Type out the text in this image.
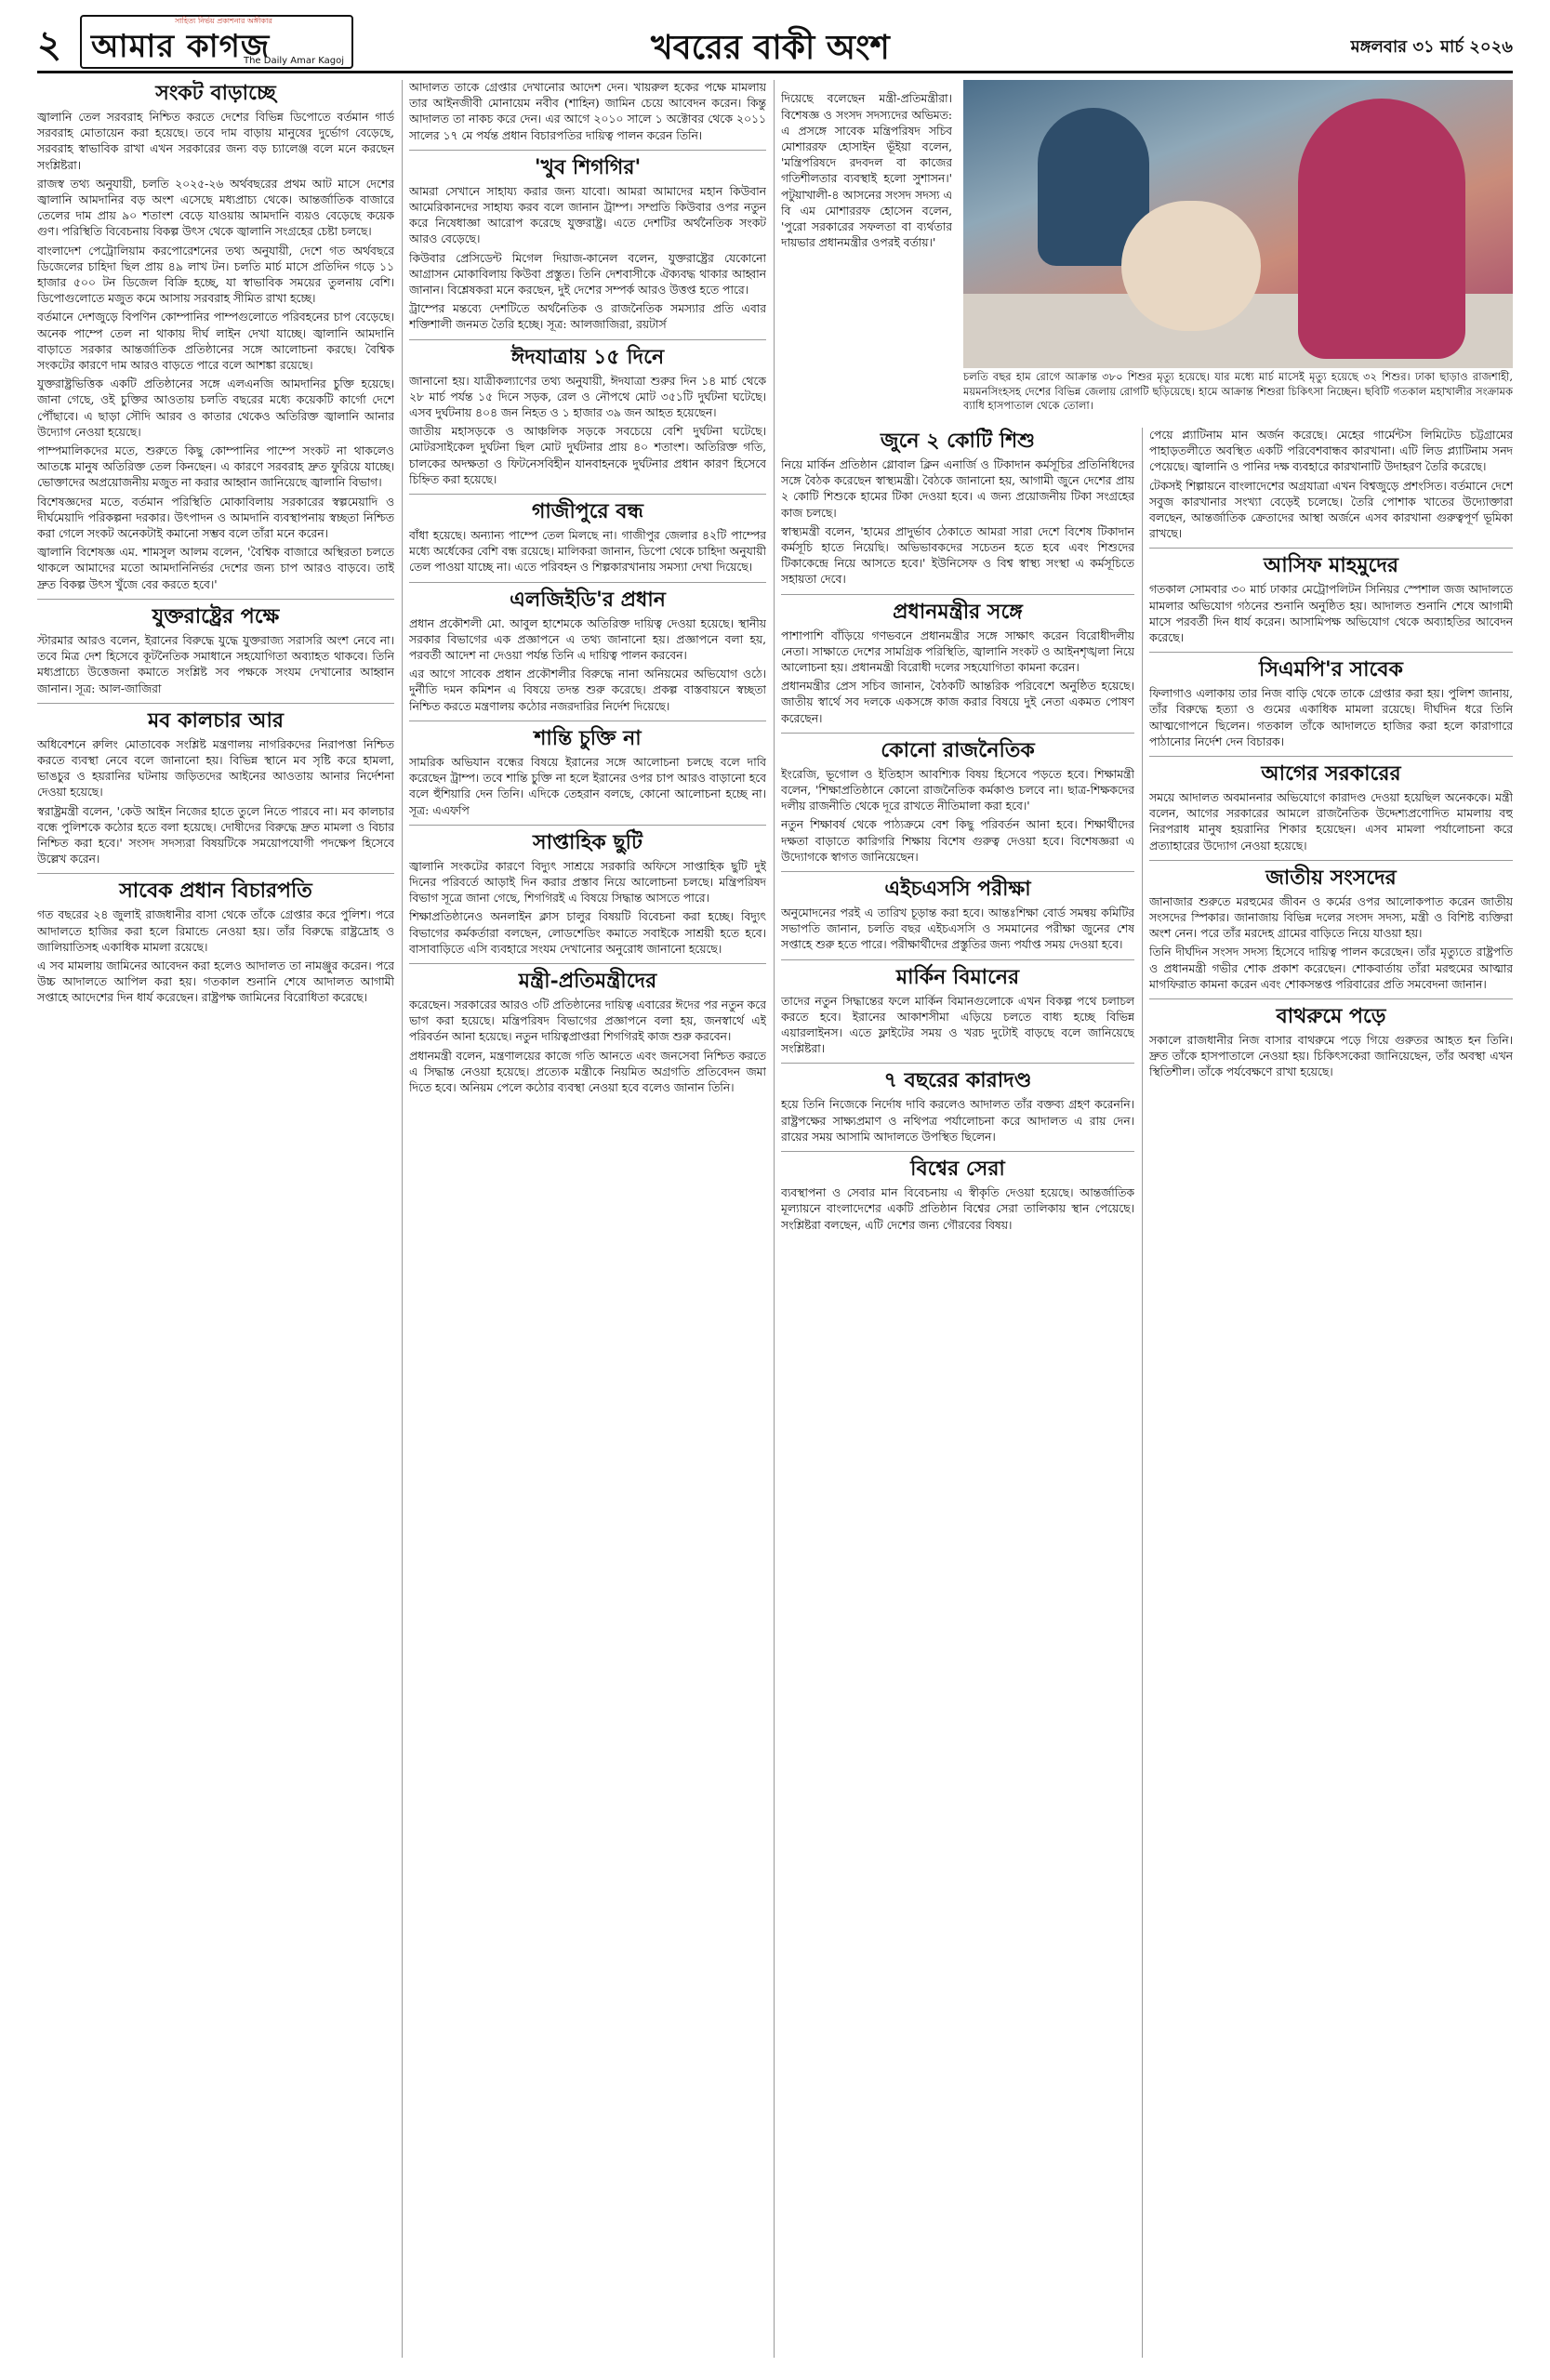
২
সাহিত্য নির্ভয় প্রকাশনার অঙ্গীকার
আমার কাগজ
The Daily Amar Kagoj	খবরের বাকী অংশ	মঙ্গলবার ৩১ মার্চ ২০২৬
সংকট বাড়াচ্ছে

জ্বালানি তেল সরবরাহ নিশ্চিত করতে দেশের বিভিন্ন ডিপোতে বর্তমান গার্ড সরবরাহ মোতায়েন করা হয়েছে। তবে দাম বাড়ায় মানুষের দুর্ভোগ বেড়েছে, সরবরাহ স্বাভাবিক রাখা এখন সরকারের জন্য বড় চ্যালেঞ্জ বলে মনে করছেন সংশ্লিষ্টরা।

রাজস্ব তথ্য অনুযায়ী, চলতি ২০২৫-২৬ অর্থবছরের প্রথম আট মাসে দেশের জ্বালানি আমদানির বড় অংশ এসেছে মধ্যপ্রাচ্য থেকে। আন্তর্জাতিক বাজারে তেলের দাম প্রায় ৯০ শতাংশ বেড়ে যাওয়ায় আমদানি ব্যয়ও বেড়েছে কয়েক গুণ। পরিস্থিতি বিবেচনায় বিকল্প উৎস থেকে জ্বালানি সংগ্রহের চেষ্টা চলছে।

বাংলাদেশ পেট্রোলিয়াম করপোরেশনের তথ্য অনুযায়ী, দেশে গত অর্থবছরে ডিজেলের চাহিদা ছিল প্রায় ৪৯ লাখ টন। চলতি মার্চ মাসে প্রতিদিন গড়ে ১১ হাজার ৫০০ টন ডিজেল বিক্রি হচ্ছে, যা স্বাভাবিক সময়ের তুলনায় বেশি। ডিপোগুলোতে মজুত কমে আসায় সরবরাহ সীমিত রাখা হচ্ছে।

বর্তমানে দেশজুড়ে বিপণিন কোম্পানির পাম্পগুলোতে পরিবহনের চাপ বেড়েছে। অনেক পাম্পে তেল না থাকায় দীর্ঘ লাইন দেখা যাচ্ছে। জ্বালানি আমদানি বাড়াতে সরকার আন্তর্জাতিক প্রতিষ্ঠানের সঙ্গে আলোচনা করছে। বৈশ্বিক সংকটের কারণে দাম আরও বাড়তে পারে বলে আশঙ্কা রয়েছে।

যুক্তরাষ্ট্রভিত্তিক একটি প্রতিষ্ঠানের সঙ্গে এলএনজি আমদানির চুক্তি হয়েছে। জানা গেছে, ওই চুক্তির আওতায় চলতি বছরের মধ্যে কয়েকটি কার্গো দেশে পৌঁছাবে। এ ছাড়া সৌদি আরব ও কাতার থেকেও অতিরিক্ত জ্বালানি আনার উদ্যোগ নেওয়া হয়েছে।

পাম্পমালিকদের মতে, শুরুতে কিছু কোম্পানির পাম্পে সংকট না থাকলেও আতঙ্কে মানুষ অতিরিক্ত তেল কিনছেন। এ কারণে সরবরাহ দ্রুত ফুরিয়ে যাচ্ছে। ভোক্তাদের অপ্রয়োজনীয় মজুত না করার আহ্বান জানিয়েছে জ্বালানি বিভাগ।

বিশেষজ্ঞদের মতে, বর্তমান পরিস্থিতি মোকাবিলায় সরকারের স্বল্পমেয়াদি ও দীর্ঘমেয়াদি পরিকল্পনা দরকার। উৎপাদন ও আমদানি ব্যবস্থাপনায় স্বচ্ছতা নিশ্চিত করা গেলে সংকট অনেকটাই কমানো সম্ভব বলে তাঁরা মনে করেন।

জ্বালানি বিশেষজ্ঞ এম. শামসুল আলম বলেন, 'বৈশ্বিক বাজারে অস্থিরতা চলতে থাকলে আমাদের মতো আমদানিনির্ভর দেশের জন্য চাপ আরও বাড়বে। তাই দ্রুত বিকল্প উৎস খুঁজে বের করতে হবে।'

যুক্তরাষ্ট্রের পক্ষে

স্টারমার আরও বলেন, ইরানের বিরুদ্ধে যুদ্ধে যুক্তরাজ্য সরাসরি অংশ নেবে না। তবে মিত্র দেশ হিসেবে কূটনৈতিক সমাধানে সহযোগিতা অব্যাহত থাকবে। তিনি মধ্যপ্রাচ্যে উত্তেজনা কমাতে সংশ্লিষ্ট সব পক্ষকে সংযম দেখানোর আহ্বান জানান। সূত্র: আল-জাজিরা

মব কালচার আর

অধিবেশনে রুলিং মোতাবেক সংশ্লিষ্ট মন্ত্রণালয় নাগরিকদের নিরাপত্তা নিশ্চিত করতে ব্যবস্থা নেবে বলে জানানো হয়। বিভিন্ন স্থানে মব সৃষ্টি করে হামলা, ভাঙচুর ও হয়রানির ঘটনায় জড়িতদের আইনের আওতায় আনার নির্দেশনা দেওয়া হয়েছে।

স্বরাষ্ট্রমন্ত্রী বলেন, 'কেউ আইন নিজের হাতে তুলে নিতে পারবে না। মব কালচার বন্ধে পুলিশকে কঠোর হতে বলা হয়েছে। দোষীদের বিরুদ্ধে দ্রুত মামলা ও বিচার নিশ্চিত করা হবে।' সংসদ সদস্যরা বিষয়টিকে সময়োপযোগী পদক্ষেপ হিসেবে উল্লেখ করেন।

সাবেক প্রধান বিচারপতি

গত বছরের ২৪ জুলাই রাজধানীর বাসা থেকে তাঁকে গ্রেপ্তার করে পুলিশ। পরে আদালতে হাজির করা হলে রিমান্ডে নেওয়া হয়। তাঁর বিরুদ্ধে রাষ্ট্রদ্রোহ ও জালিয়াতিসহ একাধিক মামলা রয়েছে।

এ সব মামলায় জামিনের আবেদন করা হলেও আদালত তা নামঞ্জুর করেন। পরে উচ্চ আদালতে আপিল করা হয়। গতকাল শুনানি শেষে আদালত আগামী সপ্তাহে আদেশের দিন ধার্য করেছেন। রাষ্ট্রপক্ষ জামিনের বিরোধিতা করেছে।

আদালত তাকে গ্রেপ্তার দেখানোর আদেশ দেন। খায়রুল হকের পক্ষে মামলায় তার আইনজীবী মোনায়েম নবীব (শাহিন) জামিন চেয়ে আবেদন করেন। কিন্তু আদালত তা নাকচ করে দেন। এর আগে ২০১০ সালে ১ অক্টোবর থেকে ২০১১ সালের ১৭ মে পর্যন্ত প্রধান বিচারপতির দায়িত্ব পালন করেন তিনি।

'খুব শিগগির'

আমরা সেখানে সাহায্য করার জন্য যাবো। আমরা আমাদের মহান কিউবান আমেরিকানদের সাহায্য করব বলে জানান ট্রাম্প। সম্প্রতি কিউবার ওপর নতুন করে নিষেধাজ্ঞা আরোপ করেছে যুক্তরাষ্ট্র। এতে দেশটির অর্থনৈতিক সংকট আরও বেড়েছে।

কিউবার প্রেসিডেন্ট মিগেল দিয়াজ-কানেল বলেন, যুক্তরাষ্ট্রের যেকোনো আগ্রাসন মোকাবিলায় কিউবা প্রস্তুত। তিনি দেশবাসীকে ঐক্যবদ্ধ থাকার আহ্বান জানান। বিশ্লেষকরা মনে করছেন, দুই দেশের সম্পর্ক আরও উত্তপ্ত হতে পারে।

ট্রাম্পের মন্তব্যে দেশটিতে অর্থনৈতিক ও রাজনৈতিক সমস্যার প্রতি এবার শক্তিশালী জনমত তৈরি হচ্ছে। সূত্র: আলজাজিরা, রয়টার্স

ঈদযাত্রায় ১৫ দিনে

জানানো হয়। যাত্রীকল্যাণের তথ্য অনুযায়ী, ঈদযাত্রা শুরুর দিন ১৪ মার্চ থেকে ২৮ মার্চ পর্যন্ত ১৫ দিনে সড়ক, রেল ও নৌপথে মোট ৩৫১টি দুর্ঘটনা ঘটেছে। এসব দুর্ঘটনায় ৪০৪ জন নিহত ও ১ হাজার ৩৯ জন আহত হয়েছেন।

জাতীয় মহাসড়কে ও আঞ্চলিক সড়কে সবচেয়ে বেশি দুর্ঘটনা ঘটেছে। মোটরসাইকেল দুর্ঘটনা ছিল মোট দুর্ঘটনার প্রায় ৪০ শতাংশ। অতিরিক্ত গতি, চালকের অদক্ষতা ও ফিটনেসবিহীন যানবাহনকে দুর্ঘটনার প্রধান কারণ হিসেবে চিহ্নিত করা হয়েছে।

গাজীপুরে বন্ধ

বাঁধা হয়েছে। অন্যান্য পাম্পে তেল মিলছে না। গাজীপুর জেলার ৪২টি পাম্পের মধ্যে অর্ধেকের বেশি বন্ধ রয়েছে। মালিকরা জানান, ডিপো থেকে চাহিদা অনুযায়ী তেল পাওয়া যাচ্ছে না। এতে পরিবহন ও শিল্পকারখানায় সমস্যা দেখা দিয়েছে।

এলজিইডি'র প্রধান

প্রধান প্রকৌশলী মো. আবুল হাশেমকে অতিরিক্ত দায়িত্ব দেওয়া হয়েছে। স্থানীয় সরকার বিভাগের এক প্রজ্ঞাপনে এ তথ্য জানানো হয়। প্রজ্ঞাপনে বলা হয়, পরবর্তী আদেশ না দেওয়া পর্যন্ত তিনি এ দায়িত্ব পালন করবেন।

এর আগে সাবেক প্রধান প্রকৌশলীর বিরুদ্ধে নানা অনিয়মের অভিযোগ ওঠে। দুর্নীতি দমন কমিশন এ বিষয়ে তদন্ত শুরু করেছে। প্রকল্প বাস্তবায়নে স্বচ্ছতা নিশ্চিত করতে মন্ত্রণালয় কঠোর নজরদারির নির্দেশ দিয়েছে।

শান্তি চুক্তি না

সামরিক অভিযান বন্ধের বিষয়ে ইরানের সঙ্গে আলোচনা চলছে বলে দাবি করেছেন ট্রাম্প। তবে শান্তি চুক্তি না হলে ইরানের ওপর চাপ আরও বাড়ানো হবে বলে হুঁশিয়ারি দেন তিনি। এদিকে তেহরান বলছে, কোনো আলোচনা হচ্ছে না। সূত্র: এএফপি

সাপ্তাহিক ছুটি

জ্বালানি সংকটের কারণে বিদ্যুৎ সাশ্রয়ে সরকারি অফিসে সাপ্তাহিক ছুটি দুই দিনের পরিবর্তে আড়াই দিন করার প্রস্তাব নিয়ে আলোচনা চলছে। মন্ত্রিপরিষদ বিভাগ সূত্রে জানা গেছে, শিগগিরই এ বিষয়ে সিদ্ধান্ত আসতে পারে।

শিক্ষাপ্রতিষ্ঠানেও অনলাইন ক্লাস চালুর বিষয়টি বিবেচনা করা হচ্ছে। বিদ্যুৎ বিভাগের কর্মকর্তারা বলছেন, লোডশেডিং কমাতে সবাইকে সাশ্রয়ী হতে হবে। বাসাবাড়িতে এসি ব্যবহারে সংযম দেখানোর অনুরোধ জানানো হয়েছে।

মন্ত্রী-প্রতিমন্ত্রীদের

করেছেন। সরকারের আরও ৩টি প্রতিষ্ঠানের দায়িত্ব এবারের ঈদের পর নতুন করে ভাগ করা হয়েছে। মন্ত্রিপরিষদ বিভাগের প্রজ্ঞাপনে বলা হয়, জনস্বার্থে এই পরিবর্তন আনা হয়েছে। নতুন দায়িত্বপ্রাপ্তরা শিগগিরই কাজ শুরু করবেন।

প্রধানমন্ত্রী বলেন, মন্ত্রণালয়ের কাজে গতি আনতে এবং জনসেবা নিশ্চিত করতে এ সিদ্ধান্ত নেওয়া হয়েছে। প্রত্যেক মন্ত্রীকে নিয়মিত অগ্রগতি প্রতিবেদন জমা দিতে হবে। অনিয়ম পেলে কঠোর ব্যবস্থা নেওয়া হবে বলেও জানান তিনি।

দিয়েছে বলেছেন মন্ত্রী-প্রতিমন্ত্রীরা। বিশেষজ্ঞ ও সংসদ সদস্যদের অভিমত: এ প্রসঙ্গে সাবেক মন্ত্রিপরিষদ সচিব মোশাররফ হোসাইন ভূঁইয়া বলেন, 'মন্ত্রিপরিষদে রদবদল বা কাজের গতিশীলতার ব্যবস্থাই হলো সুশাসন।' পটুয়াখালী-৪ আসনের সংসদ সদস্য এ বি এম মোশাররফ হোসেন বলেন, 'পুরো সরকারের সফলতা বা ব্যর্থতার দায়ভার প্রধানমন্ত্রীর ওপরই বর্তায়।'

চলতি বছর হাম রোগে আক্রান্ত ৩৮০ শিশুর মৃত্যু হয়েছে। যার মধ্যে মার্চ মাসেই মৃত্যু হয়েছে ৩২ শিশুর। ঢাকা ছাড়াও রাজশাহী, ময়মনসিংহসহ দেশের বিভিন্ন জেলায় রোগটি ছড়িয়েছে। হামে আক্রান্ত শিশুরা চিকিৎসা নিচ্ছেন। ছবিটি গতকাল মহাখালীর সংক্রামক ব্যাধি হাসপাতাল থেকে তোলা।
জুনে ২ কোটি শিশু

নিয়ে মার্কিন প্রতিষ্ঠান গ্লোবাল ক্লিন এনার্জি ও টিকাদান কর্মসূচির প্রতিনিধিদের সঙ্গে বৈঠক করেছেন স্বাস্থ্যমন্ত্রী। বৈঠকে জানানো হয়, আগামী জুনে দেশের প্রায় ২ কোটি শিশুকে হামের টিকা দেওয়া হবে। এ জন্য প্রয়োজনীয় টিকা সংগ্রহের কাজ চলছে।

স্বাস্থ্যমন্ত্রী বলেন, 'হামের প্রাদুর্ভাব ঠেকাতে আমরা সারা দেশে বিশেষ টিকাদান কর্মসূচি হাতে নিয়েছি। অভিভাবকদের সচেতন হতে হবে এবং শিশুদের টিকাকেন্দ্রে নিয়ে আসতে হবে।' ইউনিসেফ ও বিশ্ব স্বাস্থ্য সংস্থা এ কর্মসূচিতে সহায়তা দেবে।

প্রধানমন্ত্রীর সঙ্গে

পাশাপাশি বাঁড়িয়ে গণভবনে প্রধানমন্ত্রীর সঙ্গে সাক্ষাৎ করেন বিরোধীদলীয় নেতা। সাক্ষাতে দেশের সামগ্রিক পরিস্থিতি, জ্বালানি সংকট ও আইনশৃঙ্খলা নিয়ে আলোচনা হয়। প্রধানমন্ত্রী বিরোধী দলের সহযোগিতা কামনা করেন।

প্রধানমন্ত্রীর প্রেস সচিব জানান, বৈঠকটি আন্তরিক পরিবেশে অনুষ্ঠিত হয়েছে। জাতীয় স্বার্থে সব দলকে একসঙ্গে কাজ করার বিষয়ে দুই নেতা একমত পোষণ করেছেন।

কোনো রাজনৈতিক

ইংরেজি, ভূগোল ও ইতিহাস আবশ্যিক বিষয় হিসেবে পড়তে হবে। শিক্ষামন্ত্রী বলেন, 'শিক্ষাপ্রতিষ্ঠানে কোনো রাজনৈতিক কর্মকাণ্ড চলবে না। ছাত্র-শিক্ষকদের দলীয় রাজনীতি থেকে দূরে রাখতে নীতিমালা করা হবে।'

নতুন শিক্ষাবর্ষ থেকে পাঠ্যক্রমে বেশ কিছু পরিবর্তন আনা হবে। শিক্ষার্থীদের দক্ষতা বাড়াতে কারিগরি শিক্ষায় বিশেষ গুরুত্ব দেওয়া হবে। বিশেষজ্ঞরা এ উদ্যোগকে স্বাগত জানিয়েছেন।

এইচএসসি পরীক্ষা

অনুমোদনের পরই এ তারিখ চূড়ান্ত করা হবে। আন্তঃশিক্ষা বোর্ড সমন্বয় কমিটির সভাপতি জানান, চলতি বছর এইচএসসি ও সমমানের পরীক্ষা জুনের শেষ সপ্তাহে শুরু হতে পারে। পরীক্ষার্থীদের প্রস্তুতির জন্য পর্যাপ্ত সময় দেওয়া হবে।

মার্কিন বিমানের

তাদের নতুন সিদ্ধান্তের ফলে মার্কিন বিমানগুলোকে এখন বিকল্প পথে চলাচল করতে হবে। ইরানের আকাশসীমা এড়িয়ে চলতে বাধ্য হচ্ছে বিভিন্ন এয়ারলাইনস। এতে ফ্লাইটের সময় ও খরচ দুটোই বাড়ছে বলে জানিয়েছে সংশ্লিষ্টরা।

৭ বছরের কারাদণ্ড

হয়ে তিনি নিজেকে নির্দোষ দাবি করলেও আদালত তাঁর বক্তব্য গ্রহণ করেননি। রাষ্ট্রপক্ষের সাক্ষ্যপ্রমাণ ও নথিপত্র পর্যালোচনা করে আদালত এ রায় দেন। রায়ের সময় আসামি আদালতে উপস্থিত ছিলেন।

বিশ্বের সেরা

ব্যবস্থাপনা ও সেবার মান বিবেচনায় এ স্বীকৃতি দেওয়া হয়েছে। আন্তর্জাতিক মূল্যায়নে বাংলাদেশের একটি প্রতিষ্ঠান বিশ্বের সেরা তালিকায় স্থান পেয়েছে। সংশ্লিষ্টরা বলছেন, এটি দেশের জন্য গৌরবের বিষয়।

পেয়ে প্ল্যাটিনাম মান অর্জন করেছে। মেহের গার্মেন্টস লিমিটেড চট্টগ্রামের পাহাড়তলীতে অবস্থিত একটি পরিবেশবান্ধব কারখানা। এটি লিড প্ল্যাটিনাম সনদ পেয়েছে। জ্বালানি ও পানির দক্ষ ব্যবহারে কারখানাটি উদাহরণ তৈরি করেছে।

টেকসই শিল্পায়নে বাংলাদেশের অগ্রযাত্রা এখন বিশ্বজুড়ে প্রশংসিত। বর্তমানে দেশে সবুজ কারখানার সংখ্যা বেড়েই চলেছে। তৈরি পোশাক খাতের উদ্যোক্তারা বলছেন, আন্তর্জাতিক ক্রেতাদের আস্থা অর্জনে এসব কারখানা গুরুত্বপূর্ণ ভূমিকা রাখছে।

আসিফ মাহমুদের

গতকাল সোমবার ৩০ মার্চ ঢাকার মেট্রোপলিটন সিনিয়র স্পেশাল জজ আদালতে মামলার অভিযোগ গঠনের শুনানি অনুষ্ঠিত হয়। আদালত শুনানি শেষে আগামী মাসে পরবর্তী দিন ধার্য করেন। আসামিপক্ষ অভিযোগ থেকে অব্যাহতির আবেদন করেছে।

সিএমপি'র সাবেক

ফিলাগাও এলাকায় তার নিজ বাড়ি থেকে তাকে গ্রেপ্তার করা হয়। পুলিশ জানায়, তাঁর বিরুদ্ধে হত্যা ও গুমের একাধিক মামলা রয়েছে। দীর্ঘদিন ধরে তিনি আত্মগোপনে ছিলেন। গতকাল তাঁকে আদালতে হাজির করা হলে কারাগারে পাঠানোর নির্দেশ দেন বিচারক।

আগের সরকারের

সময়ে আদালত অবমাননার অভিযোগে কারাদণ্ড দেওয়া হয়েছিল অনেককে। মন্ত্রী বলেন, আগের সরকারের আমলে রাজনৈতিক উদ্দেশ্যপ্রণোদিত মামলায় বহু নিরপরাধ মানুষ হয়রানির শিকার হয়েছেন। এসব মামলা পর্যালোচনা করে প্রত্যাহারের উদ্যোগ নেওয়া হয়েছে।

জাতীয় সংসদের

জানাজার শুরুতে মরহুমের জীবন ও কর্মের ওপর আলোকপাত করেন জাতীয় সংসদের স্পিকার। জানাজায় বিভিন্ন দলের সংসদ সদস্য, মন্ত্রী ও বিশিষ্ট ব্যক্তিরা অংশ নেন। পরে তাঁর মরদেহ গ্রামের বাড়িতে নিয়ে যাওয়া হয়।

তিনি দীর্ঘদিন সংসদ সদস্য হিসেবে দায়িত্ব পালন করেছেন। তাঁর মৃত্যুতে রাষ্ট্রপতি ও প্রধানমন্ত্রী গভীর শোক প্রকাশ করেছেন। শোকবার্তায় তাঁরা মরহুমের আত্মার মাগফিরাত কামনা করেন এবং শোকসন্তপ্ত পরিবারের প্রতি সমবেদনা জানান।

বাথরুমে পড়ে

সকালে রাজধানীর নিজ বাসার বাথরুমে পড়ে গিয়ে গুরুতর আহত হন তিনি। দ্রুত তাঁকে হাসপাতালে নেওয়া হয়। চিকিৎসকেরা জানিয়েছেন, তাঁর অবস্থা এখন স্থিতিশীল। তাঁকে পর্যবেক্ষণে রাখা হয়েছে।
